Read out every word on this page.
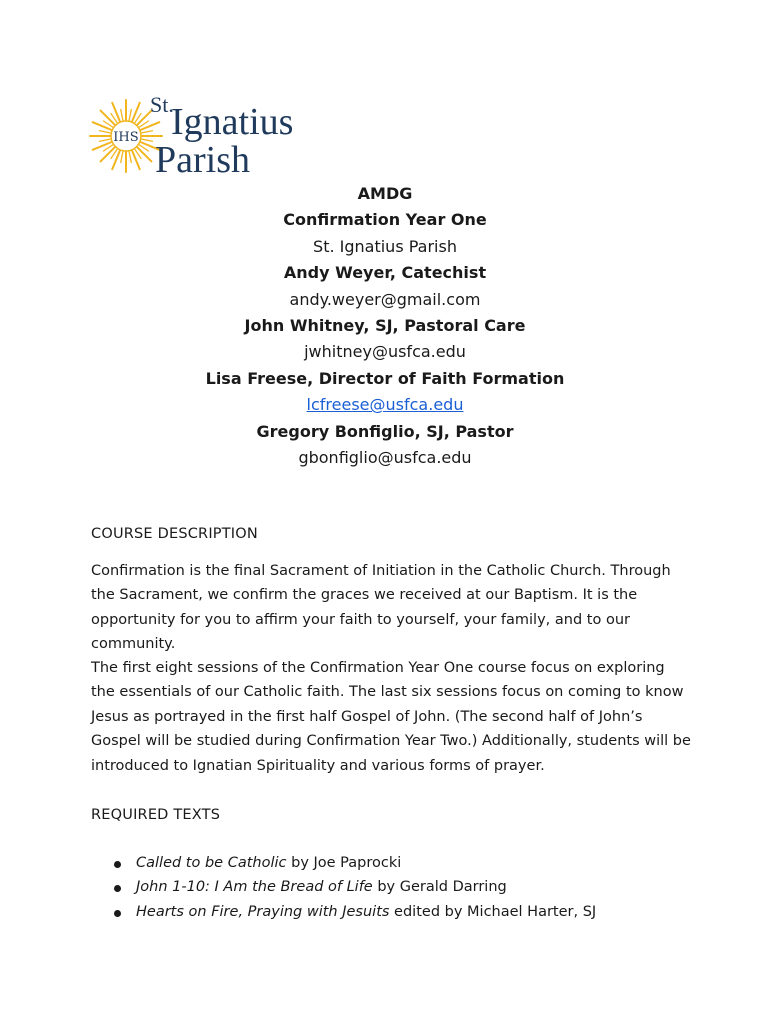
IHS
St.
Ignatius
Parish
AMDG
Confirmation Year One
St. Ignatius Parish
Andy Weyer, Catechist
andy.weyer@gmail.com
John Whitney, SJ, Pastoral Care
jwhitney@usfca.edu
Lisa Freese, Director of Faith Formation
lcfreese@usfca.edu
Gregory Bonfiglio, SJ, Pastor
gbonfiglio@usfca.edu
COURSE DESCRIPTION
Confirmation is the final Sacrament of Initiation in the Catholic Church. Through the Sacrament, we confirm the graces we received at our Baptism. It is the opportunity for you to affirm your faith to yourself, your family, and to our community.
The first eight sessions of the Confirmation Year One course focus on exploring the essentials of our Catholic faith. The last six sessions focus on coming to know Jesus as portrayed in the first half Gospel of John. (The second half of John’s Gospel will be studied during Confirmation Year Two.) Additionally, students will be introduced to Ignatian Spirituality and various forms of prayer.
REQUIRED TEXTS
Called to be Catholic by Joe Paprocki
John 1-10: I Am the Bread of Life by Gerald Darring
Hearts on Fire, Praying with Jesuits edited by Michael Harter, SJ
